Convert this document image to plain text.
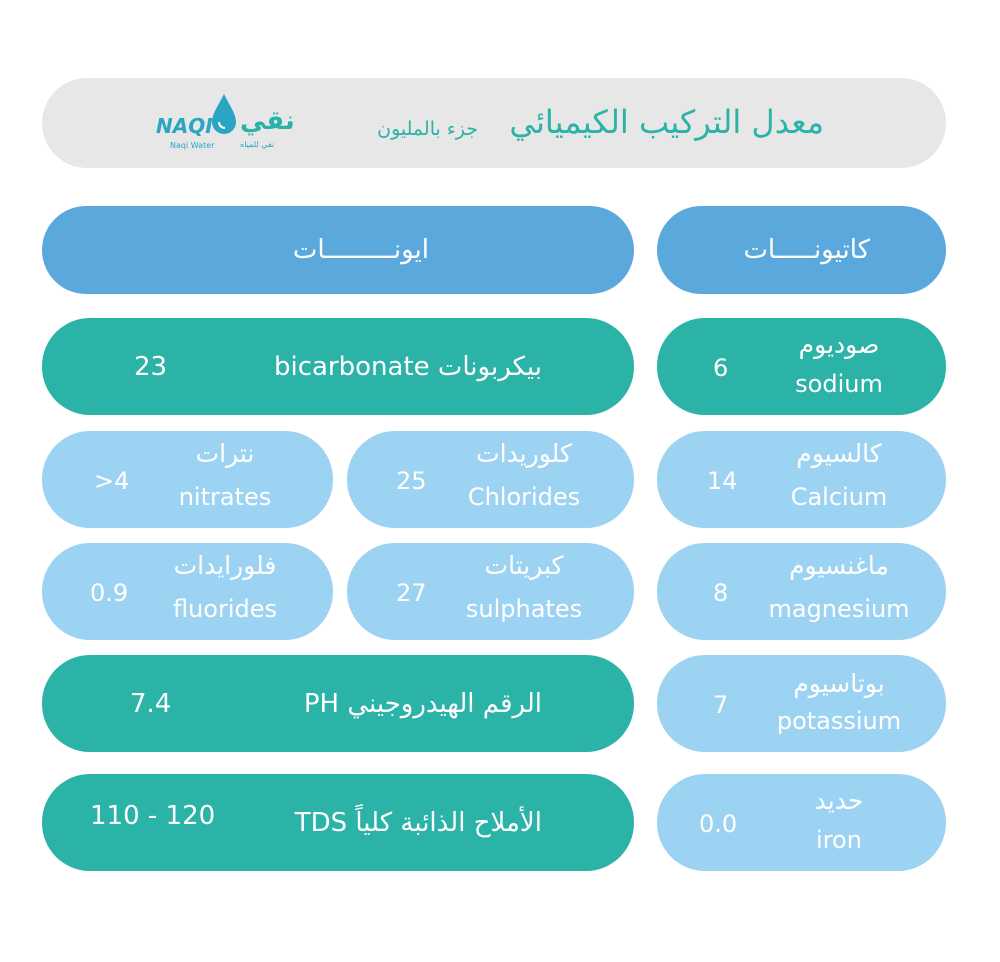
معدل التركيب الكيميائي
جزء بالمليون
NAQI نقي
Naqi Water	نقي للمياه
ايونـــــــــات	كاتيونـــــات
بيكربونات bicarbonate
23
صوديوم
sodium
6
نترات
nitrates
>4
كلوريدات
Chlorides
25
كالسيوم
Calcium
14
فلورايدات
fluorides
0.9
كبريتات
sulphates
27
ماغنسيوم
magnesium
8
الرقم الهيدروجيني PH
7.4
بوتاسيوم
potassium
7
الأملاح الذائبة كلياً TDS
110 - 120
حديد
iron
0.0
